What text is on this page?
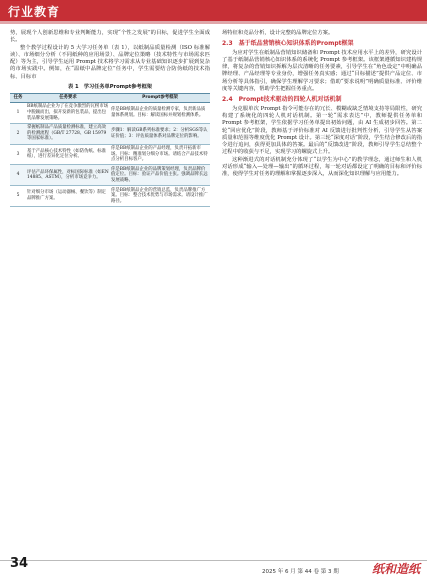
行业教育

势，展现个人创新思维和专业判断能力，实现“个性之发展”的目标，促进学生全面成长。

整个教学过程设计的 5 大学习任务单（表 1），以纸制品质量检测（ISO 标准解读）、市场细分分析（不同纸种的应用场景）、品牌定位策略（技术特性与市场需求匹配）等为主，引导学生运用 Prompt 技术将学习需求从专业基础知识逐步扩展到复杂的市场实践中。例如，在“温纸中品牌定位”任务中，学生需要结合防伪纸的技术指标、目标市

表 1　学习任务单Prompt参考框架
任务	任务要求	Prompt参考框架
1	BB纸制品企业为了在竞争激烈的瓦楞市场中脱颖而出，拟开发新的包装品，提出包装品牌发展策略。	你是BB纸制品企业的质量检测专家，负责新品质量体系规划。目标：解读国标并规划检测体系。
2	掌握纸制品产品质量检测标准，建立高效的检测流程（GB/T 27728、GB 15979等国家标准）。	步骤1：解读GB系列标准要求；2：分析SGS等认证价值；3：评估质量体系对品牌定位的影响。
3	基于产品核心技术特性（如防伪纸、标准纸），进行差异化定位分析。	你是BB纸制品企业的产品经理，负责开拓新市场。目标：精准划分细分市场。请结合产品技术特点分析目标客户。
4	评估产品环保属性，对标国际标准（如EN 14885、ASTM），分析市场竞争力。	你是BB纸制品企业的品牌策划经理，负责品牌价值定位。目标：验证产品价值主张。强调品牌长远发展战略。
5	针对细分市场（运动器械、餐饮等）制定品牌推广方案。	你是BB纸制品企业的营销总监，负责品牌推广方案。目标：整合技术优势与市场需求。请设计推广路径。

场特征和竞品分析，设计完整的品牌定位方案。

2.3　基于纸品营销核心知识体系的Prompt框架

为应对学生在纸制品营销知识储备和 Prompt 技术应用水平上的差异，研究设计了基于纸制品营销核心知识体系的系统化 Prompt 参考框架。该框架遵循知识建构规律，将复杂的营销知识拆解为层次清晰的任务要素，引导学生在“角色设定”中明确品牌经理、产品经理等专业身份，增强任务真实感；通过“目标描述”提供产品定位、市场分析等具体指引，确保学生理解学习要求；借助“要求说明”明确质量标准、评价维度等关键内容，帮助学生把握任务重点。

2.4　Prompt技术驱动的四轮人机对话机制

为克服单次 Prompt 指令可能存在的冗长、模糊或缺乏情境支持等局限性，研究构建了系统化的四轮人机对话机制。第一轮“需求表达”中，教师提供任务单和 Prompt 参考框架，学生依据学习任务单提出初始问题，由 AI 生成初步回答。第二轮“回应优化”阶段，教师基于评价标准对 AI 反馈进行批判性分析，引导学生从答案质量和范围等维度优化 Prompt 设计。第三轮“深度对话”阶段，学生结合修改后的指令进行追问，获得更加具体的答案。最后的“反馈改进”阶段，教师引导学生总结整个过程中的收获与不足，实现学习的螺旋式上升。

这种渐进式的对话机制充分体现了“以学生为中心”的教学理念，通过师生和人机对话形成“输入—处理—输出”的循环过程，每一轮对话都设定了明确的目标和评价标准，使得学生对任务的理解和掌握逐步深入，从而深化知识理解与应用能力。

34
2025 年 6 月 第 44 卷 第 3 期	纸和造纸
